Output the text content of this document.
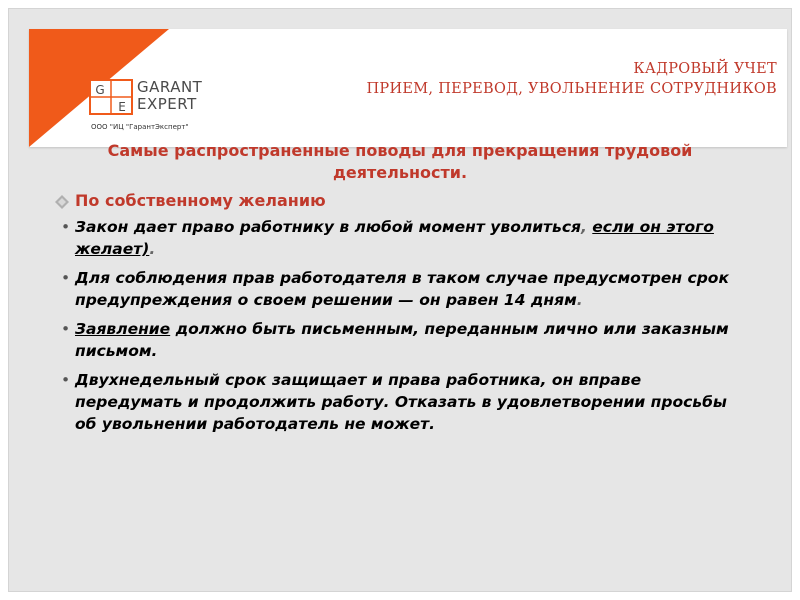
G
E
GARANT
EXPERT
ООО "ИЦ "ГарантЭксперт"
КАДРОВЫЙ УЧЕТ
ПРИЕМ, ПЕРЕВОД, УВОЛЬНЕНИЕ СОТРУДНИКОВ
Самые распространенные поводы для прекращения трудовой деятельности.
По собственному желанию
• Закон дает право работнику в любой момент уволиться, если он этого желает).
• Для соблюдения прав работодателя в таком случае предусмотрен срок предупреждения о своем решении — он равен 14 дням.
• Заявление должно быть письменным, переданным лично или заказным письмом.
• Двухнедельный срок защищает и права работника, он вправе передумать и продолжить работу. Отказать в удовлетворении просьбы об увольнении работодатель не может.
